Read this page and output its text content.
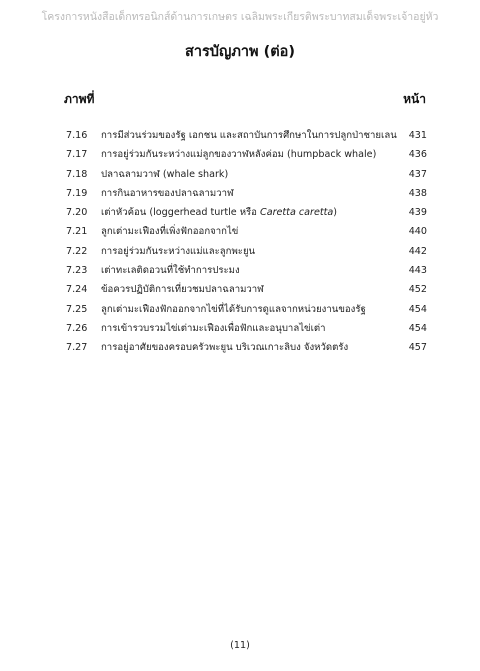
โครงการหนังสือเด็กทรอนิกส์ด้านการเกษตร เฉลิมพระเกียรติพระบาทสมเด็จพระเจ้าอยู่หัว
สารบัญภาพ (ต่อ)
ภาพที่	หน้า
7.16	การมีส่วนร่วมของรัฐ เอกชน และสถาบันการศึกษาในการปลูกป่าชายเลน	431
7.17	การอยู่ร่วมกันระหว่างแม่ลูกของวาฬหลังค่อม (humpback whale)	436
7.18	ปลาฉลามวาฬ (whale shark)	437
7.19	การกินอาหารของปลาฉลามวาฬ	438
7.20	เต่าหัวค้อน (loggerhead turtle หรือ Caretta caretta)	439
7.21	ลูกเต่ามะเฟืองที่เพิ่งฟักออกจากไข่	440
7.22	การอยู่ร่วมกันระหว่างแม่และลูกพะยูน	442
7.23	เต่าทะเลติดอวนที่ใช้ทำการประมง	443
7.24	ข้อควรปฏิบัติการเที่ยวชมปลาฉลามวาฬ	452
7.25	ลูกเต่ามะเฟืองฟักออกจากไข่ที่ได้รับการดูแลจากหน่วยงานของรัฐ	454
7.26	การเข้ารวบรวมไข่เต่ามะเฟืองเพื่อฟักและอนุบาลไข่เต่า	454
7.27	การอยู่อาศัยของครอบครัวพะยูน บริเวณเกาะลิบง จังหวัดตรัง	457
(11)
